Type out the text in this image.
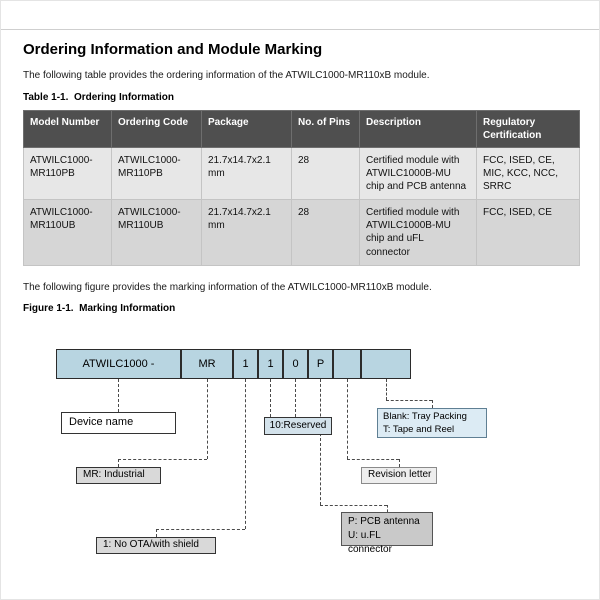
Ordering Information and Module Marking

The following table provides the ordering information of the ATWILC1000-MR110xB module.

Table 1-1.  Ordering Information

Model Number	Ordering Code	Package	No. of Pins	Description	Regulatory Certification
ATWILC1000-MR110PB	ATWILC1000-MR110PB	21.7x14.7x2.1 mm	28	Certified module with ATWILC1000B-MU chip and PCB antenna	FCC, ISED, CE, MIC, KCC, NCC, SRRC
ATWILC1000-MR110UB	ATWILC1000-MR110UB	21.7x14.7x2.1 mm	28	Certified module with ATWILC1000B-MU chip and uFL connector	FCC, ISED, CE

The following figure provides the marking information of the ATWILC1000-MR110xB module.

Figure 1-1.  Marking Information

ATWILC1000 -	MR	1	1	0	P
Device name	10:Reserved
Blank: Tray Packing
T: Tape and Reel
MR: Industrial	Revision letter
P: PCB antenna
U: u.FL connector
1: No OTA/with shield
